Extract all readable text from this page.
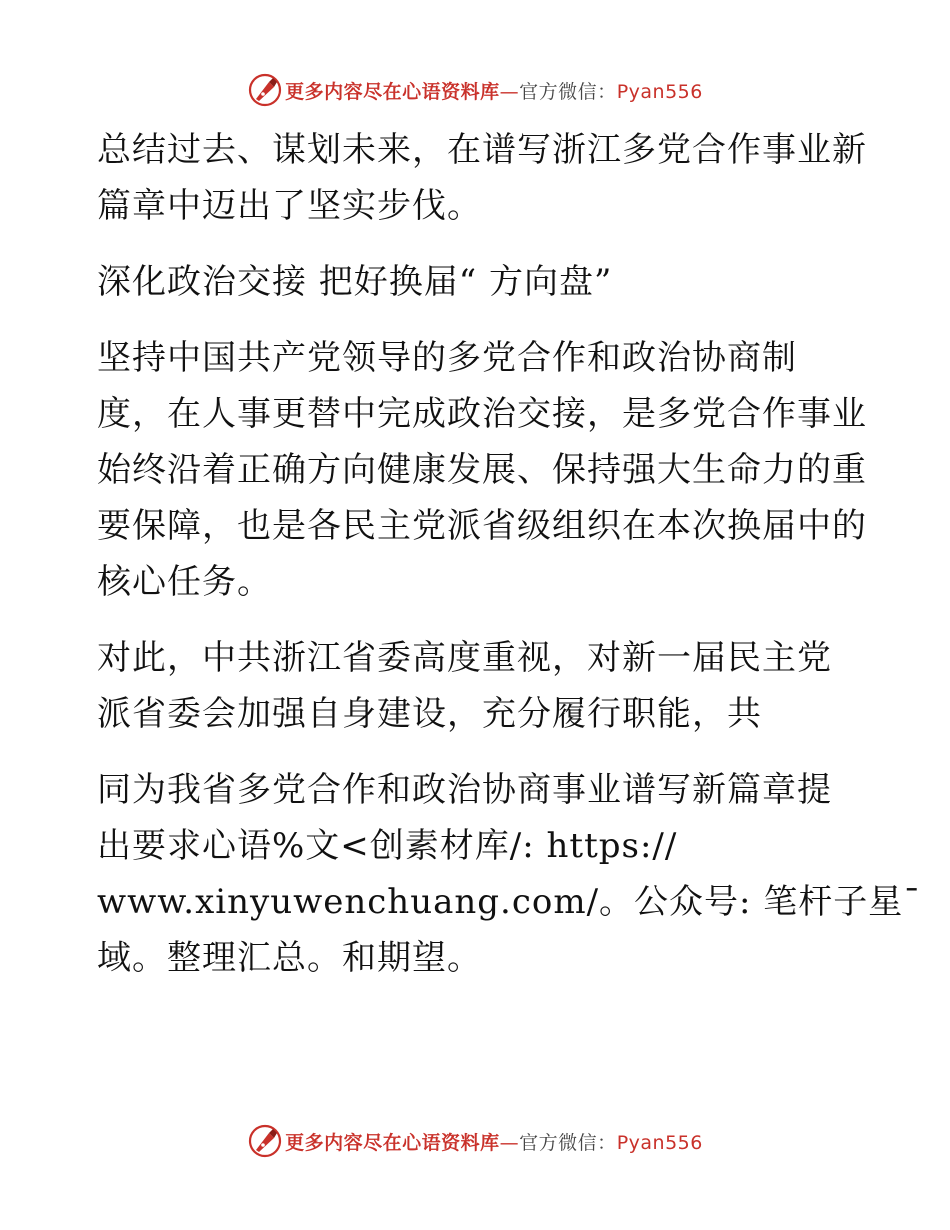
更多内容尽在心语资料库—官方微信：Pyan556

总结过去、谋划未来，在谱写浙江多党合作事业新
篇章中迈出了坚实步伐。

深化政治交接 把好换届“ 方向盘”

坚持中国共产党领导的多党合作和政治协商制
度，在人事更替中完成政治交接，是多党合作事业
始终沿着正确方向健康发展、保持强大生命力的重
要保障，也是各民主党派省级组织在本次换届中的
核心任务。

对此，中共浙江省委高度重视，对新一届民主党
派省委会加强自身建设，充分履行职能，共

同为我省多党合作和政治协商事业谱写新篇章提
出要求心语%文<创素材库/: https://
www.xinyuwenchuang.com/。公众号: 笔杆子星¯
域。整理汇总。和期望。

更多内容尽在心语资料库—官方微信：Pyan556
